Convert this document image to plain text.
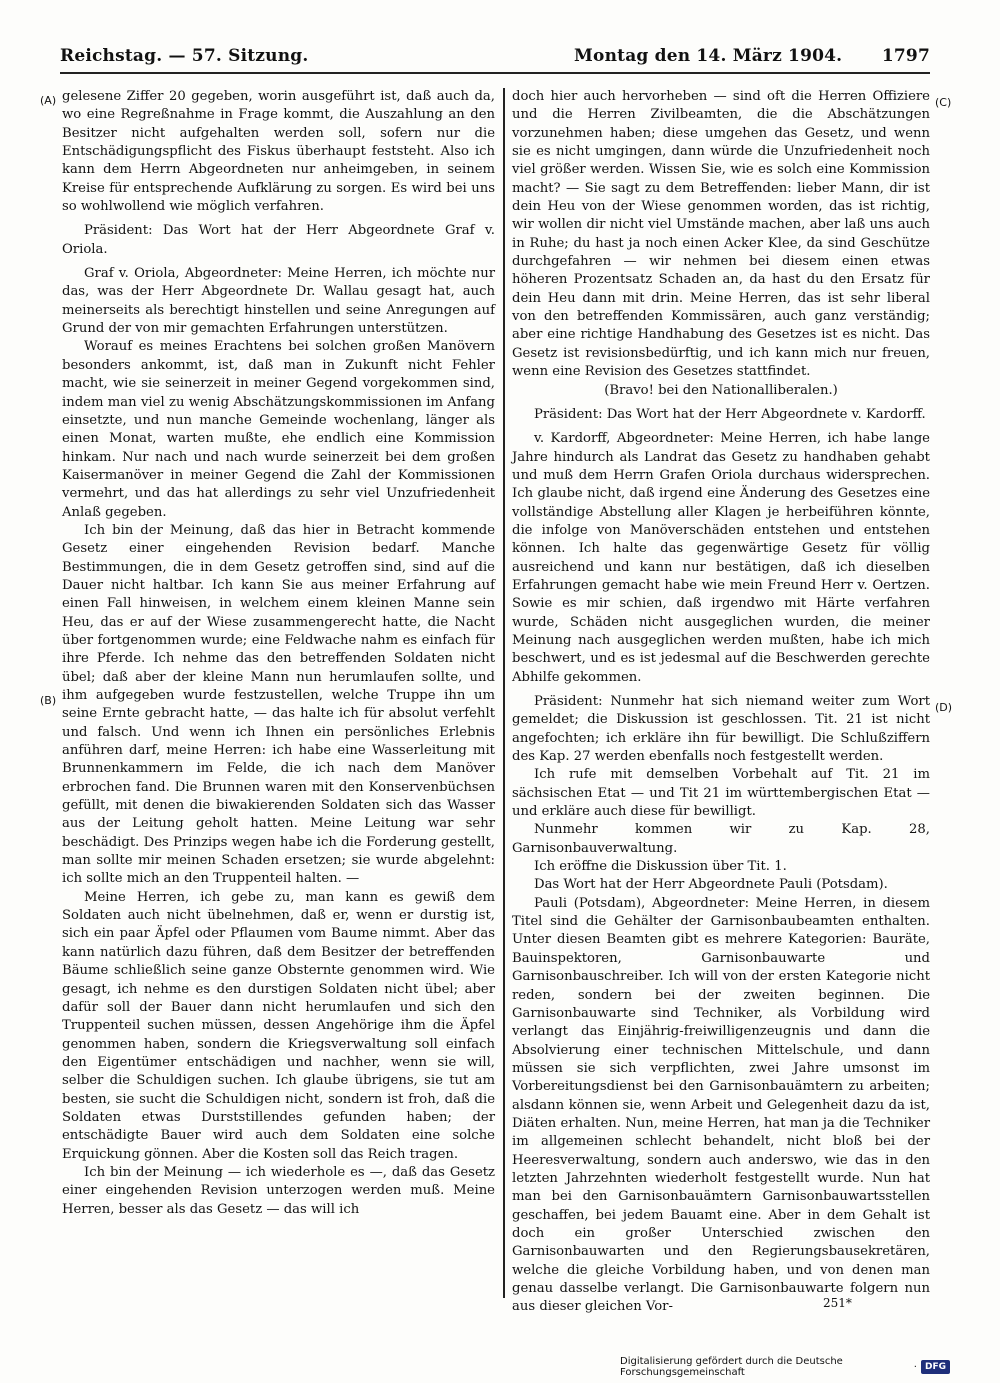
Reichstag. — 57. Sitzung.	Montag den 14. März 1904. 1797
(A)
(B)
(C)
(D)

gelesene Ziffer 20 gegeben, worin ausgeführt ist, daß auch da, wo eine Regreßnahme in Frage kommt, die Auszahlung an den Besitzer nicht aufgehalten werden soll, sofern nur die Entschädigungspflicht des Fiskus überhaupt feststeht. Also ich kann dem Herrn Abgeordneten nur anheimgeben, in seinem Kreise für entsprechende Aufklärung zu sorgen. Es wird bei uns so wohlwollend wie möglich verfahren.

Präsident: Das Wort hat der Herr Abgeordnete Graf v. Oriola.

Graf v. Oriola, Abgeordneter: Meine Herren, ich möchte nur das, was der Herr Abgeordnete Dr. Wallau gesagt hat, auch meinerseits als berechtigt hinstellen und seine Anregungen auf Grund der von mir gemachten Erfahrungen unterstützen.

Worauf es meines Erachtens bei solchen großen Manövern besonders ankommt, ist, daß man in Zukunft nicht Fehler macht, wie sie seinerzeit in meiner Gegend vorgekommen sind, indem man viel zu wenig Abschätzungskommissionen im Anfang einsetzte, und nun manche Gemeinde wochenlang, länger als einen Monat, warten mußte, ehe endlich eine Kommission hinkam. Nur nach und nach wurde seinerzeit bei dem großen Kaisermanöver in meiner Gegend die Zahl der Kommissionen vermehrt, und das hat allerdings zu sehr viel Unzufriedenheit Anlaß gegeben.

Ich bin der Meinung, daß das hier in Betracht kommende Gesetz einer eingehenden Revision bedarf. Manche Bestimmungen, die in dem Gesetz getroffen sind, sind auf die Dauer nicht haltbar. Ich kann Sie aus meiner Erfahrung auf einen Fall hinweisen, in welchem einem kleinen Manne sein Heu, das er auf der Wiese zusammengerecht hatte, die Nacht über fortgenommen wurde; eine Feldwache nahm es einfach für ihre Pferde. Ich nehme das den betreffenden Soldaten nicht übel; daß aber der kleine Mann nun herumlaufen sollte, und ihm aufgegeben wurde festzustellen, welche Truppe ihn um seine Ernte gebracht hatte, — das halte ich für absolut verfehlt und falsch. Und wenn ich Ihnen ein persönliches Erlebnis anführen darf, meine Herren: ich habe eine Wasserleitung mit Brunnenkammern im Felde, die ich nach dem Manöver erbrochen fand. Die Brunnen waren mit den Konservenbüchsen gefüllt, mit denen die biwakierenden Soldaten sich das Wasser aus der Leitung geholt hatten. Meine Leitung war sehr beschädigt. Des Prinzips wegen habe ich die Forderung gestellt, man sollte mir meinen Schaden ersetzen; sie wurde abgelehnt: ich sollte mich an den Truppenteil halten. —

Meine Herren, ich gebe zu, man kann es gewiß dem Soldaten auch nicht übelnehmen, daß er, wenn er durstig ist, sich ein paar Äpfel oder Pflaumen vom Baume nimmt. Aber das kann natürlich dazu führen, daß dem Besitzer der betreffenden Bäume schließlich seine ganze Obsternte genommen wird. Wie gesagt, ich nehme es den durstigen Soldaten nicht übel; aber dafür soll der Bauer dann nicht herumlaufen und sich den Truppenteil suchen müssen, dessen Angehörige ihm die Äpfel genommen haben, sondern die Kriegsverwaltung soll einfach den Eigentümer entschädigen und nachher, wenn sie will, selber die Schuldigen suchen. Ich glaube übrigens, sie tut am besten, sie sucht die Schuldigen nicht, sondern ist froh, daß die Soldaten etwas Durststillendes gefunden haben; der entschädigte Bauer wird auch dem Soldaten eine solche Erquickung gönnen. Aber die Kosten soll das Reich tragen.

Ich bin der Meinung — ich wiederhole es —, daß das Gesetz einer eingehenden Revision unterzogen werden muß. Meine Herren, besser als das Gesetz — das will ich

doch hier auch hervorheben — sind oft die Herren Offiziere und die Herren Zivilbeamten, die die Abschätzungen vorzunehmen haben; diese umgehen das Gesetz, und wenn sie es nicht umgingen, dann würde die Unzufriedenheit noch viel größer werden. Wissen Sie, wie es solch eine Kommission macht? — Sie sagt zu dem Betreffenden: lieber Mann, dir ist dein Heu von der Wiese genommen worden, das ist richtig, wir wollen dir nicht viel Umstände machen, aber laß uns auch in Ruhe; du hast ja noch einen Acker Klee, da sind Geschütze durchgefahren — wir nehmen bei diesem einen etwas höheren Prozentsatz Schaden an, da hast du den Ersatz für dein Heu dann mit drin. Meine Herren, das ist sehr liberal von den betreffenden Kommissären, auch ganz verständig; aber eine richtige Handhabung des Gesetzes ist es nicht. Das Gesetz ist revisionsbedürftig, und ich kann mich nur freuen, wenn eine Revision des Gesetzes stattfindet.

(Bravo! bei den Nationalliberalen.)

Präsident: Das Wort hat der Herr Abgeordnete v. Kardorff.

v. Kardorff, Abgeordneter: Meine Herren, ich habe lange Jahre hindurch als Landrat das Gesetz zu handhaben gehabt und muß dem Herrn Grafen Oriola durchaus widersprechen. Ich glaube nicht, daß irgend eine Änderung des Gesetzes eine vollständige Abstellung aller Klagen je herbeiführen könnte, die infolge von Manöverschäden entstehen und entstehen können. Ich halte das gegenwärtige Gesetz für völlig ausreichend und kann nur bestätigen, daß ich dieselben Erfahrungen gemacht habe wie mein Freund Herr v. Oertzen. Sowie es mir schien, daß irgendwo mit Härte verfahren wurde, Schäden nicht ausgeglichen wurden, die meiner Meinung nach ausgeglichen werden mußten, habe ich mich beschwert, und es ist jedesmal auf die Beschwerden gerechte Abhilfe gekommen.

Präsident: Nunmehr hat sich niemand weiter zum Wort gemeldet; die Diskussion ist geschlossen. Tit. 21 ist nicht angefochten; ich erkläre ihn für bewilligt. Die Schlußziffern des Kap. 27 werden ebenfalls noch festgestellt werden.

Ich rufe mit demselben Vorbehalt auf Tit. 21 im sächsischen Etat — und Tit 21 im württembergischen Etat — und erkläre auch diese für bewilligt.

Nunmehr kommen wir zu Kap. 28, Garnisonbauverwaltung.

Ich eröffne die Diskussion über Tit. 1.

Das Wort hat der Herr Abgeordnete Pauli (Potsdam).

Pauli (Potsdam), Abgeordneter: Meine Herren, in diesem Titel sind die Gehälter der Garnisonbaubeamten enthalten. Unter diesen Beamten gibt es mehrere Kategorien: Bauräte, Bauinspektoren, Garnisonbauwarte und Garnisonbauschreiber. Ich will von der ersten Kategorie nicht reden, sondern bei der zweiten beginnen. Die Garnisonbauwarte sind Techniker, als Vorbildung wird verlangt das Einjährig-freiwilligenzeugnis und dann die Absolvierung einer technischen Mittelschule, und dann müssen sie sich verpflichten, zwei Jahre umsonst im Vorbereitungsdienst bei den Garnisonbauämtern zu arbeiten; alsdann können sie, wenn Arbeit und Gelegenheit dazu da ist, Diäten erhalten. Nun, meine Herren, hat man ja die Techniker im allgemeinen schlecht behandelt, nicht bloß bei der Heeresverwaltung, sondern auch anderswo, wie das in den letzten Jahrzehnten wiederholt festgestellt wurde. Nun hat man bei den Garnisonbauämtern Garnisonbauwartsstellen geschaffen, bei jedem Bauamt eine. Aber in dem Gehalt ist doch ein großer Unterschied zwischen den Garnisonbauwarten und den Regierungsbausekretären, welche die gleiche Vorbildung haben, und von denen man genau dasselbe verlangt. Die Garnisonbauwarte folgern nun aus dieser gleichen Vor-	251*
Digitalisierung gefördert durch die Deutsche Forschungsgemeinschaft	· DFG
